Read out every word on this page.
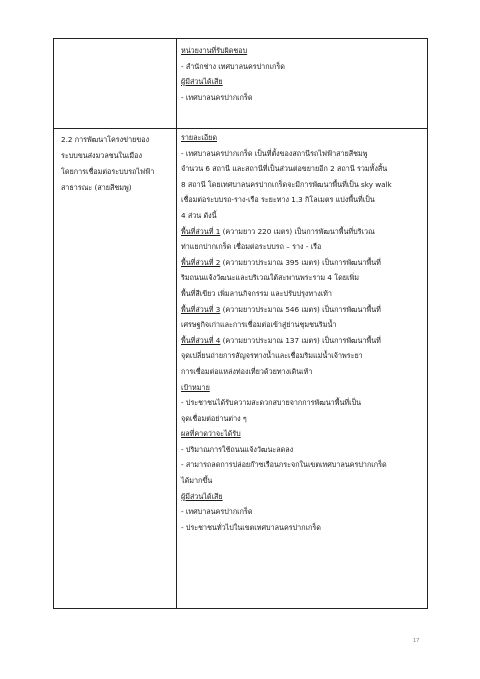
2.2 การพัฒนาโครงข่ายของ
ระบบขนส่งมวลชนในเมือง
โดยการเชื่อมต่อระบบรถไฟฟ้า
สาธารณะ (สายสีชมพู)
หน่วยงานที่รับผิดชอบ
- สำนักช่าง เทศบาลนครปากเกร็ด
ผู้มีส่วนได้เสีย
- เทศบาลนครปากเกร็ด
รายละเอียด
- เทศบาลนครปากเกร็ด เป็นที่ตั้งของสถานีรถไฟฟ้าสายสีชมพู
จำนวน 6 สถานี และสถานีที่เป็นส่วนต่อขยายอีก 2 สถานี รวมทั้งสิ้น
8 สถานี โดยเทศบาลนครปากเกร็ดจะมีการพัฒนาพื้นที่เป็น sky walk
เชื่อมต่อระบบรถ-ราง-เรือ ระยะทาง 1.3 กิโลเมตร แบ่งพื้นที่เป็น
4 ส่วน ดังนี้
พื้นที่ส่วนที่ 1 (ความยาว 220 เมตร) เป็นการพัฒนาพื้นที่บริเวณ
ท่าแยกปากเกร็ด เชื่อมต่อระบบรถ – ราง - เรือ
พื้นที่ส่วนที่ 2 (ความยาวประมาณ 395 เมตร) เป็นการพัฒนาพื้นที่
ริมถนนแจ้งวัฒนะและบริเวณใต้สะพานพระราม 4 โดยเพิ่ม
พื้นที่สีเขียว เพิ่มลานกิจกรรม และปรับปรุงทางเท้า
พื้นที่ส่วนที่ 3 (ความยาวประมาณ 546 เมตร) เป็นการพัฒนาพื้นที่
เศรษฐกิจเก่าและการเชื่อมต่อเข้าสู่ย่านชุมชนริมน้ำ
พื้นที่ส่วนที่ 4 (ความยาวประมาณ 137 เมตร) เป็นการพัฒนาพื้นที่
จุดเปลี่ยนถ่ายการสัญจรทางน้ำและเชื่อมริมแม่น้ำเจ้าพระยา
การเชื่อมต่อแหล่งท่องเที่ยวด้วยทางเดินเท้า
เป้าหมาย
- ประชาชนได้รับความสะดวกสบายจากการพัฒนาพื้นที่เป็น
จุดเชื่อมต่อย่านต่าง ๆ
ผลที่คาดว่าจะได้รับ
- ปริมาณการใช้ถนนแจ้งวัฒนะลดลง
- สามารถลดการปล่อยก๊าซเรือนกระจกในเขตเทศบาลนครปากเกร็ด
ได้มากขึ้น
ผู้มีส่วนได้เสีย
- เทศบาลนครปากเกร็ด
- ประชาชนทั่วไปในเขตเทศบาลนครปากเกร็ด
17
